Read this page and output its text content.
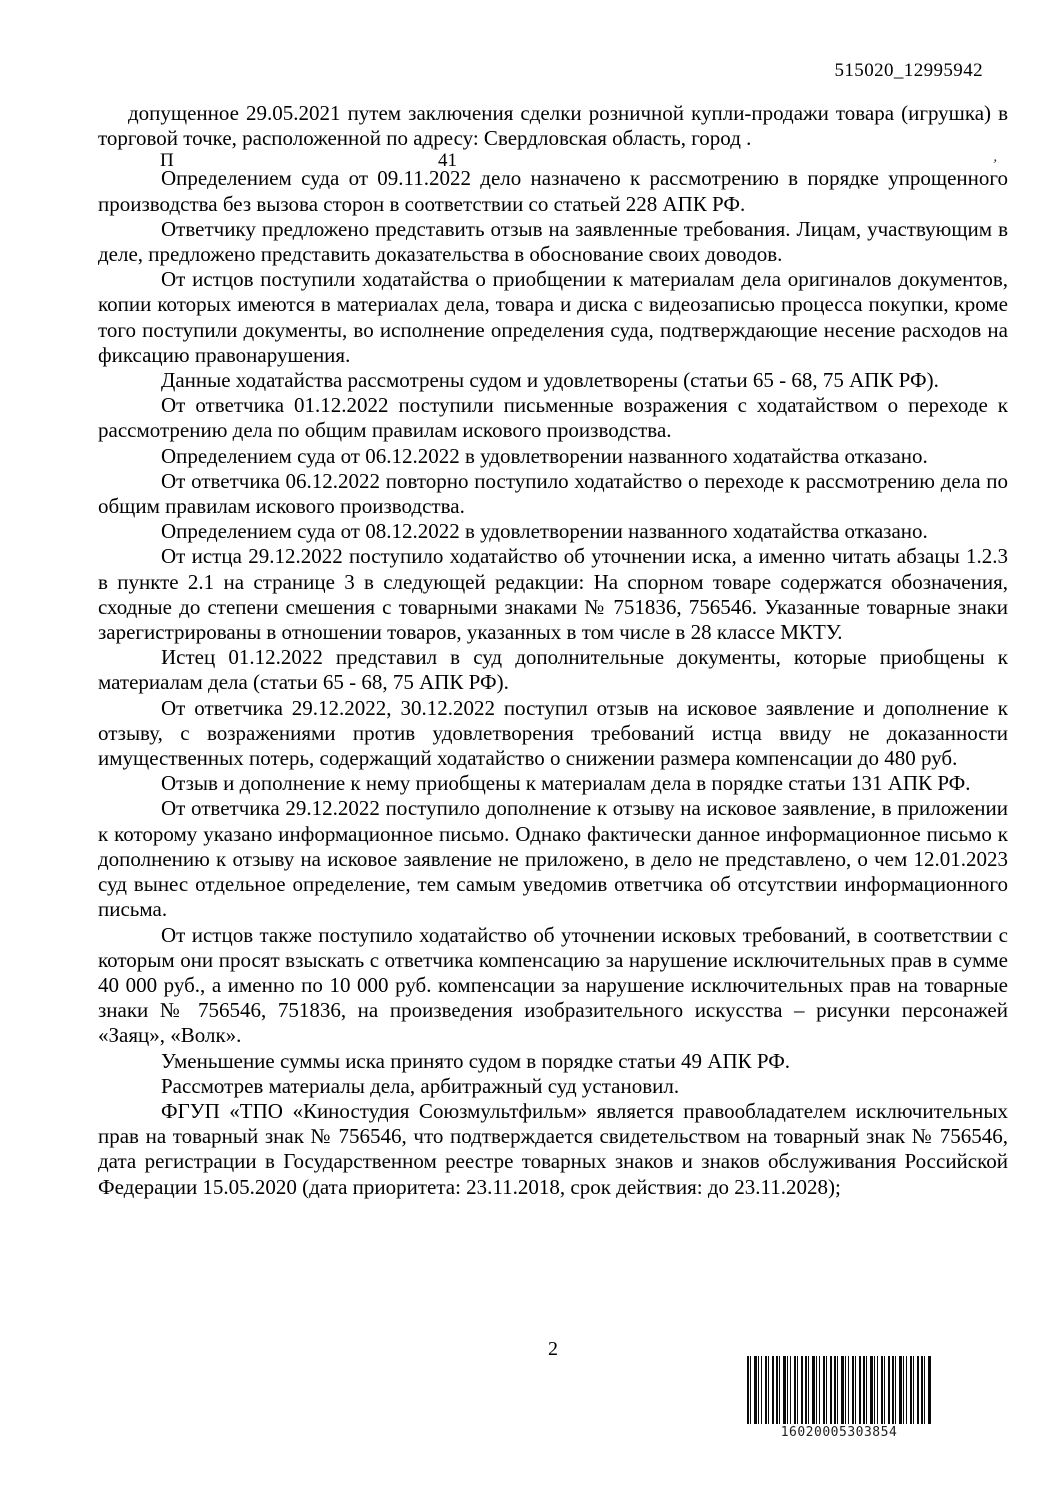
515020_12995942
,

допущенное 29.05.2021 путем заключения сделки розничной купли-продажи товара (игрушка) в торговой точке, расположенной по адресу: Свердловская область, город .

П	41

Определением суда от 09.11.2022 дело назначено к рассмотрению в порядке упрощенного производства без вызова сторон в соответствии со статьей 228 АПК РФ.

Ответчику предложено представить отзыв на заявленные требования. Лицам, участвующим в деле, предложено представить доказательства в обоснование своих доводов.

От истцов поступили ходатайства о приобщении к материалам дела оригиналов документов, копии которых имеются в материалах дела, товара и диска с видеозаписью процесса покупки, кроме того поступили документы, во исполнение определения суда, подтверждающие несение расходов на фиксацию правонарушения.

Данные ходатайства рассмотрены судом и удовлетворены (статьи 65 - 68, 75 АПК РФ).

От ответчика 01.12.2022 поступили письменные возражения с ходатайством о переходе к рассмотрению дела по общим правилам искового производства.

Определением суда от 06.12.2022 в удовлетворении названного ходатайства отказано.

От ответчика 06.12.2022 повторно поступило ходатайство о переходе к рассмотрению дела по общим правилам искового производства.

Определением суда от 08.12.2022 в удовлетворении названного ходатайства отказано.

От истца 29.12.2022 поступило ходатайство об уточнении иска, а именно читать абзацы 1.2.3 в пункте 2.1 на странице 3 в следующей редакции: На спорном товаре содержатся обозначения, сходные до степени смешения с товарными знаками № 751836, 756546. Указанные товарные знаки зарегистрированы в отношении товаров, указанных в том числе в 28 классе МКТУ.

Истец 01.12.2022 представил в суд дополнительные документы, которые приобщены к материалам дела (статьи 65 - 68, 75 АПК РФ).

От ответчика 29.12.2022, 30.12.2022 поступил отзыв на исковое заявление и дополнение к отзыву, с возражениями против удовлетворения требований истца ввиду не доказанности имущественных потерь, содержащий ходатайство о снижении размера компенсации до 480 руб.

Отзыв и дополнение к нему приобщены к материалам дела в порядке статьи 131 АПК РФ.

От ответчика 29.12.2022 поступило дополнение к отзыву на исковое заявление, в приложении к которому указано информационное письмо. Однако фактически данное информационное письмо к дополнению к отзыву на исковое заявление не приложено, в дело не представлено, о чем 12.01.2023 суд вынес отдельное определение, тем самым уведомив ответчика об отсутствии информационного письма.

От истцов также поступило ходатайство об уточнении исковых требований, в соответствии с которым они просят взыскать с ответчика компенсацию за нарушение исключительных прав в сумме 40 000 руб., а именно по 10 000 руб. компенсации за нарушение исключительных прав на товарные знаки № 756546, 751836, на произведения изобразительного искусства – рисунки персонажей «Заяц», «Волк».

Уменьшение суммы иска принято судом в порядке статьи 49 АПК РФ.

Рассмотрев материалы дела, арбитражный суд установил.

ФГУП «ТПО «Киностудия Союзмультфильм» является правообладателем исключительных прав на товарный знак № 756546, что подтверждается свидетельством на товарный знак № 756546, дата регистрации в Государственном реестре товарных знаков и знаков обслуживания Российской Федерации 15.05.2020 (дата приоритета: 23.11.2018, срок действия: до 23.11.2028);

2
16020005303854
